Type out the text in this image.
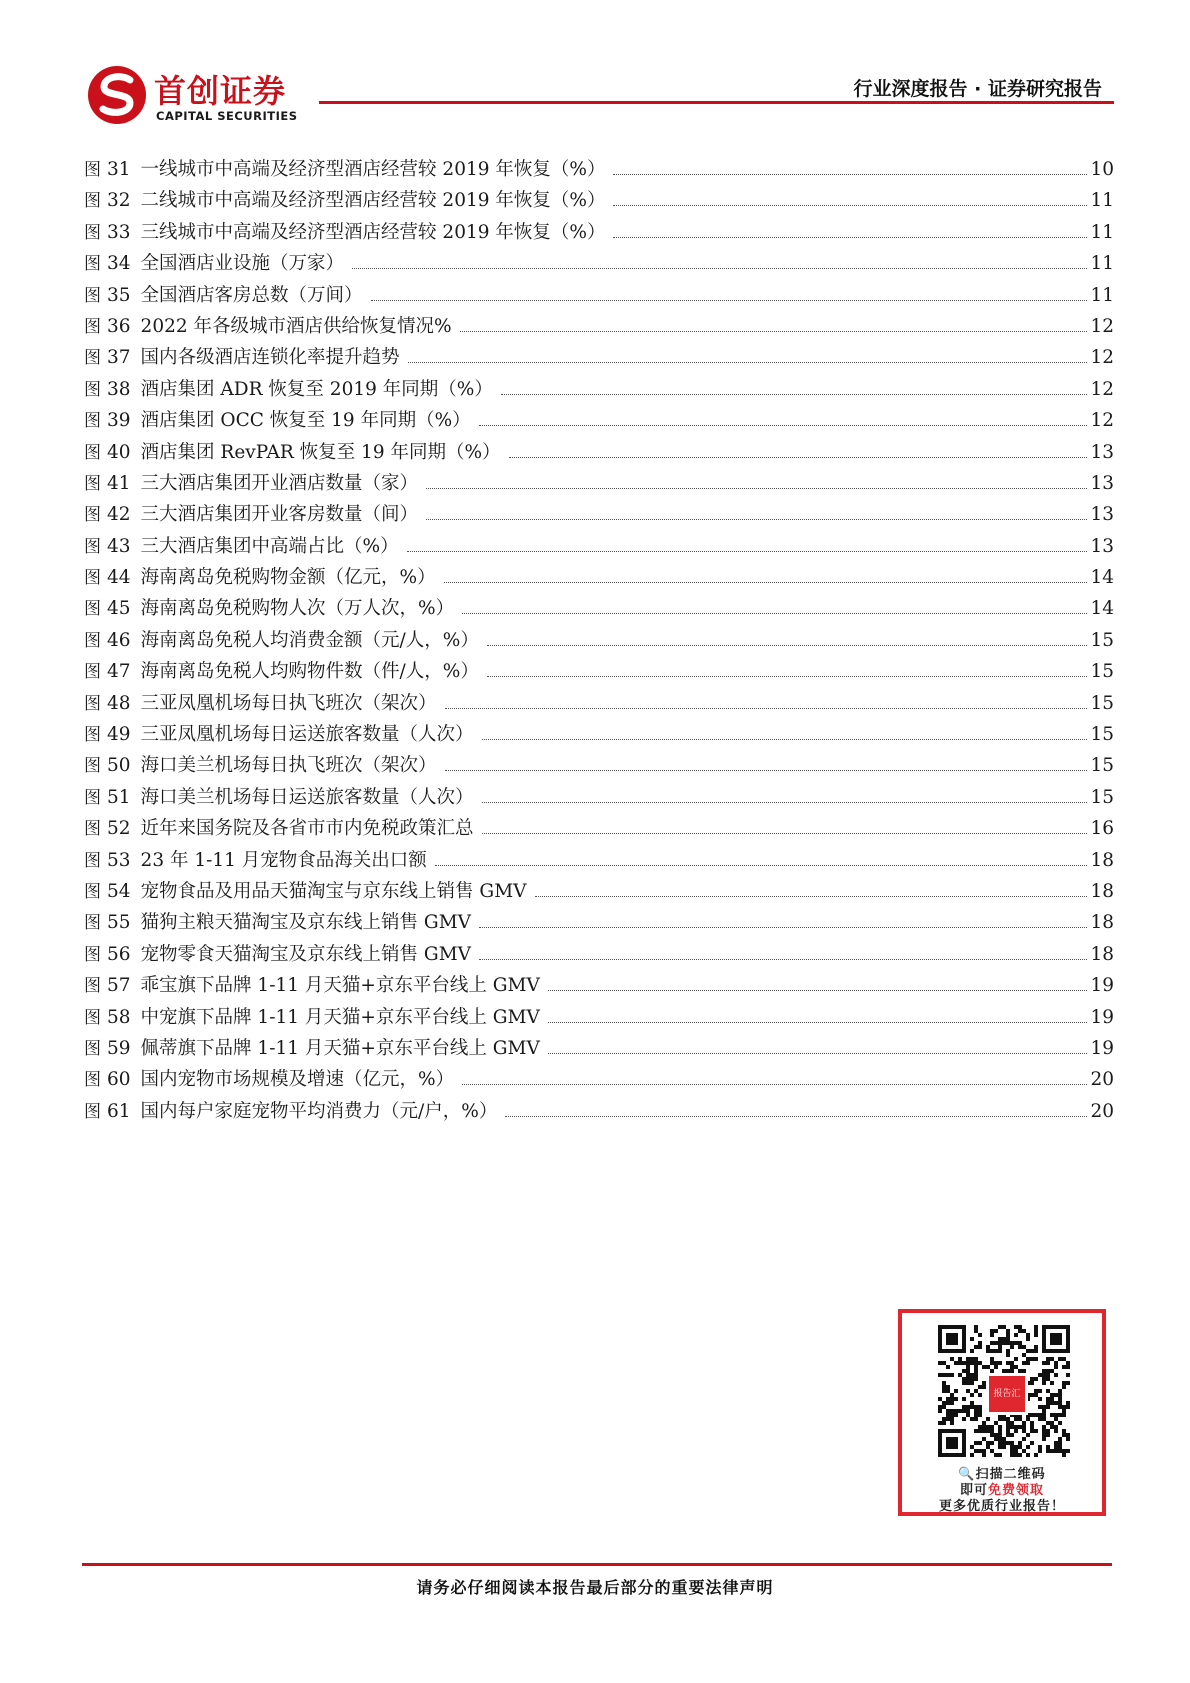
首创证券
CAPITAL SECURITIES
行业深度报告 · 证券研究报告
图 31 一线城市中高端及经济型酒店经营较 2019 年恢复（%）	10
图 32 二线城市中高端及经济型酒店经营较 2019 年恢复（%）	11
图 33 三线城市中高端及经济型酒店经营较 2019 年恢复（%）	11
图 34 全国酒店业设施（万家）	11
图 35 全国酒店客房总数（万间）	11
图 36 2022 年各级城市酒店供给恢复情况%	12
图 37 国内各级酒店连锁化率提升趋势	12
图 38 酒店集团 ADR 恢复至 2019 年同期（%）	12
图 39 酒店集团 OCC 恢复至 19 年同期（%）	12
图 40 酒店集团 RevPAR 恢复至 19 年同期（%）	13
图 41 三大酒店集团开业酒店数量（家）	13
图 42 三大酒店集团开业客房数量（间）	13
图 43 三大酒店集团中高端占比（%）	13
图 44 海南离岛免税购物金额（亿元，%）	14
图 45 海南离岛免税购物人次（万人次，%）	14
图 46 海南离岛免税人均消费金额（元/人，%）	15
图 47 海南离岛免税人均购物件数（件/人，%）	15
图 48 三亚凤凰机场每日执飞班次（架次）	15
图 49 三亚凤凰机场每日运送旅客数量（人次）	15
图 50 海口美兰机场每日执飞班次（架次）	15
图 51 海口美兰机场每日运送旅客数量（人次）	15
图 52 近年来国务院及各省市市内免税政策汇总	16
图 53 23 年 1-11 月宠物食品海关出口额	18
图 54 宠物食品及用品天猫淘宝与京东线上销售 GMV	18
图 55 猫狗主粮天猫淘宝及京东线上销售 GMV	18
图 56 宠物零食天猫淘宝及京东线上销售 GMV	18
图 57 乖宝旗下品牌 1-11 月天猫+京东平台线上 GMV	19
图 58 中宠旗下品牌 1-11 月天猫+京东平台线上 GMV	19
图 59 佩蒂旗下品牌 1-11 月天猫+京东平台线上 GMV	19
图 60 国内宠物市场规模及增速（亿元，%）	20
图 61 国内每户家庭宠物平均消费力（元/户，%）	20
报告汇
🔍扫描二维码
即可免费领取
更多优质行业报告！
请务必仔细阅读本报告最后部分的重要法律声明
